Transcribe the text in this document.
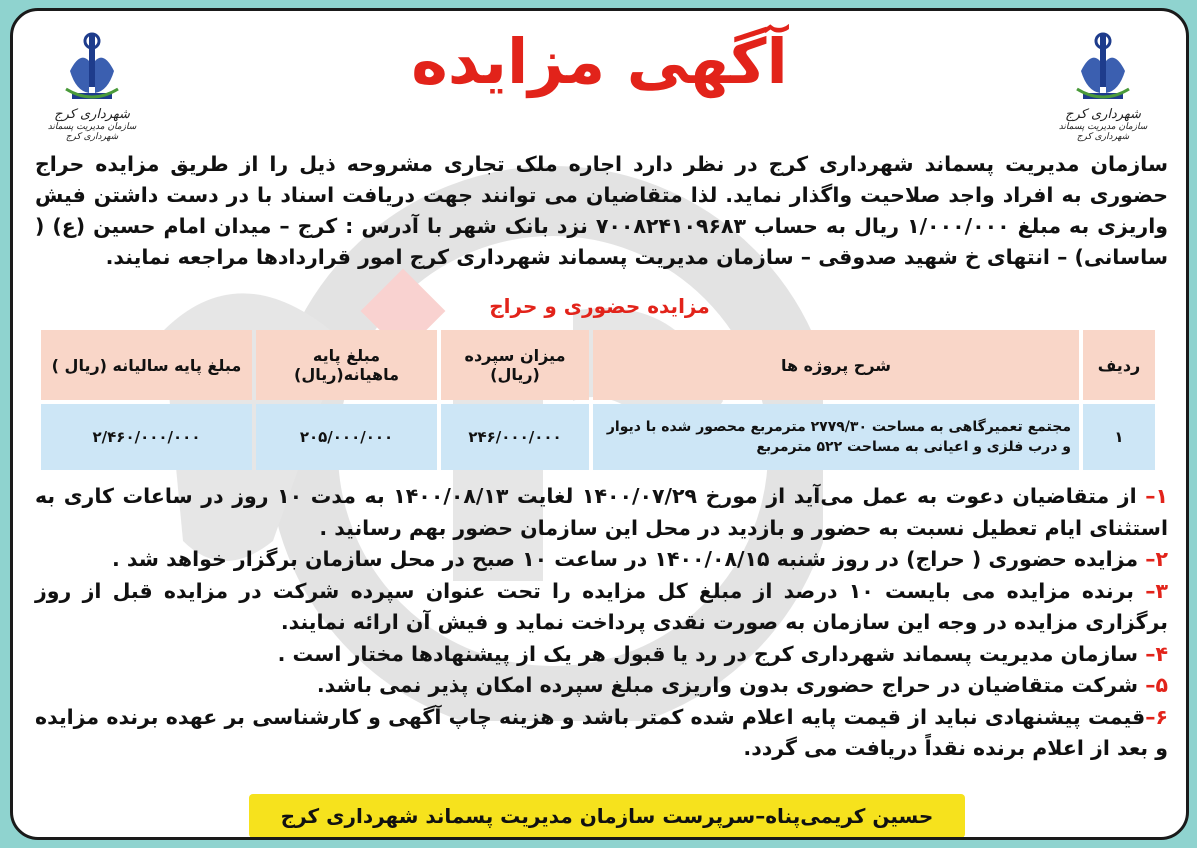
شهرداری کرج
سازمان مدیریت پسماند شهرداری کرج
شهرداری کرج
سازمان مدیریت پسماند شهرداری کرج
آگهی مزایده
سازمان مدیریت پسماند شهرداری کرج در نظر دارد اجاره ملک تجاری مشروحه ذیل را از طریق مزایده حراج حضوری به افراد واجد صلاحیت واگذار نماید. لذا متقاضیان می توانند جهت دریافت اسناد با در دست داشتن فیش واریزی به مبلغ ۱/۰۰۰/۰۰۰ ریال به حساب ۷۰۰۸۲۴۱۰۹۶۸۳ نزد بانک شهر با آدرس : کرج – میدان امام حسین (ع) ( ساسانی) – انتهای خ شهید صدوقی – سازمان مدیریت پسماند شهرداری کرج امور قراردادها مراجعه نمایند.
مزایده حضوری و حراج
ردیف	شرح پروژه ها	میزان سپرده (ریال)	مبلغ پایه ماهیانه(ریال)	مبلغ پایه سالیانه (ریال )
۱	مجتمع تعمیرگاهی به مساحت ۲۷۷۹/۳۰ مترمربع محصور شده با دیوار و درب فلزی و اعیانی به مساحت ۵۲۲ مترمربع	۲۴۶/۰۰۰/۰۰۰	۲۰۵/۰۰۰/۰۰۰	۲/۴۶۰/۰۰۰/۰۰۰

۱– از متقاضیان دعوت به عمل می‌آید از مورخ ۱۴۰۰/۰۷/۲۹ لغایت ۱۴۰۰/۰۸/۱۳ به مدت ۱۰ روز در ساعات کاری به استثنای ایام تعطیل نسبت به حضور و بازدید در محل این سازمان حضور بهم رسانید .

۲– مزایده حضوری ( حراج) در روز شنبه ۱۴۰۰/۰۸/۱۵ در ساعت ۱۰ صبح در محل سازمان برگزار خواهد شد .

۳– برنده مزایده می بایست ۱۰ درصد از مبلغ کل مزایده را تحت عنوان سپرده شرکت در مزایده قبل از روز برگزاری مزایده در وجه این سازمان به صورت نقدی پرداخت نماید و فیش آن ارائه نمایند.

۴– سازمان مدیریت پسماند شهرداری کرج در رد یا قبول هر یک از پیشنهادها مختار است .

۵– شرکت متقاضیان در حراج حضوری بدون واریزی مبلغ سپرده امکان پذیر نمی باشد.

۶–قیمت پیشنهادی نباید از قیمت پایه اعلام شده کمتر باشد و هزینه چاپ آگهی و کارشناسی بر عهده برنده مزایده و بعد از اعلام برنده نقداً دریافت می گردد.

حسین کریمی‌پناه–سرپرست سازمان مدیریت پسماند شهرداری کرج
